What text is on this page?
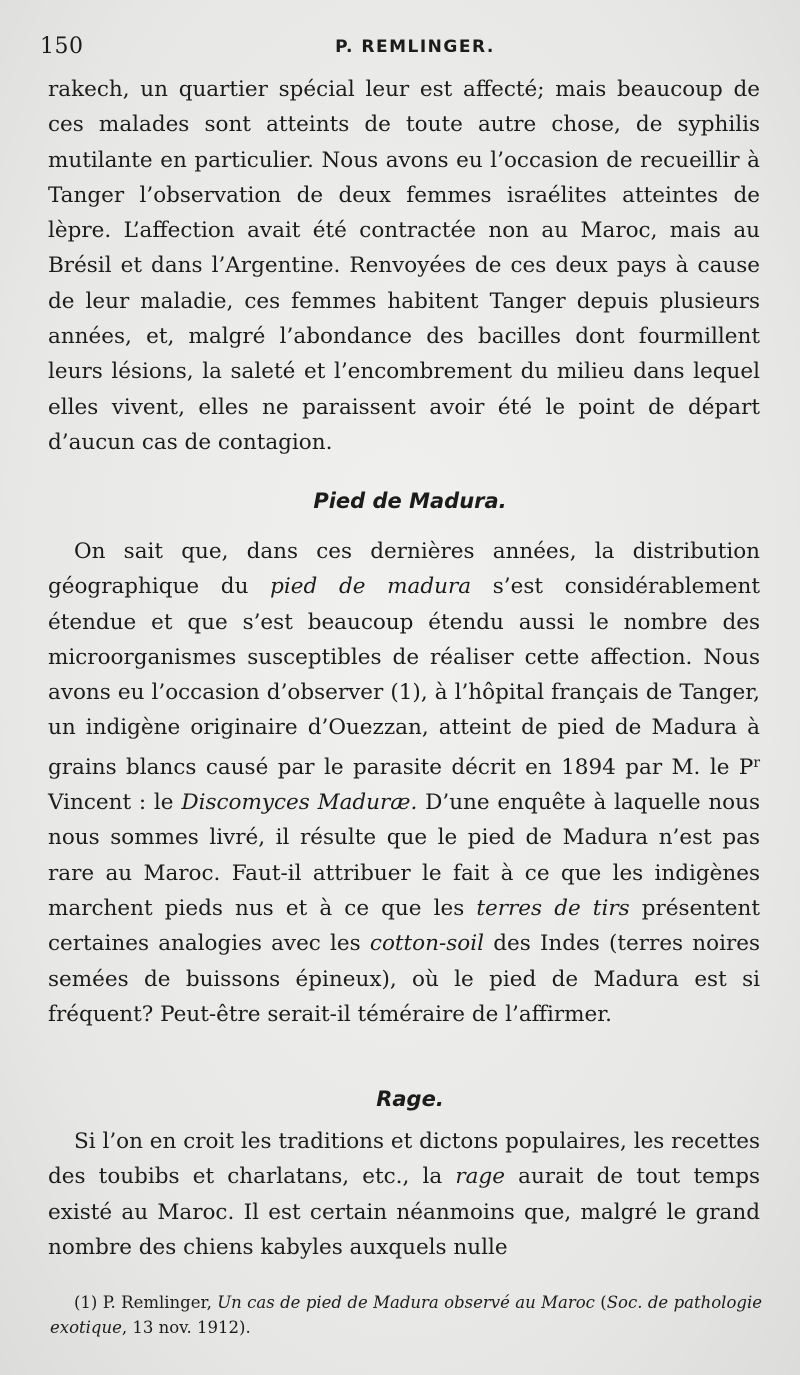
150	P. REMLINGER.

rakech, un quartier spécial leur est affecté; mais beaucoup de ces malades sont atteints de toute autre chose, de syphilis mutilante en particulier. Nous avons eu l’occasion de recueillir à Tanger l’observation de deux femmes israélites atteintes de lèpre. L’affection avait été contractée non au Maroc, mais au Brésil et dans l’Argentine. Renvoyées de ces deux pays à cause de leur maladie, ces femmes habitent Tanger depuis plusieurs années, et, malgré l’abondance des bacilles dont fourmillent leurs lésions, la saleté et l’encombrement du milieu dans lequel elles vivent, elles ne paraissent avoir été le point de départ d’aucun cas de contagion.

Pied de Madura.

On sait que, dans ces dernières années, la distribution géographique du pied de madura s’est considérablement étendue et que s’est beaucoup étendu aussi le nombre des microorganismes susceptibles de réaliser cette affection. Nous avons eu l’occasion d’observer (1), à l’hôpital français de Tanger, un indigène originaire d’Ouezzan, atteint de pied de Madura à grains blancs causé par le parasite décrit en 1894 par M. le $P^r$ Vincent : le Discomyces Maduræ. D’une enquête à laquelle nous nous sommes livré, il résulte que le pied de Madura n’est pas rare au Maroc. Faut-il attribuer le fait à ce que les indigènes marchent pieds nus et à ce que les terres de tirs présentent certaines analogies avec les cotton-soil des Indes (terres noires semées de buissons épineux), où le pied de Madura est si fréquent? Peut-être serait-il téméraire de l’affirmer.

Rage.

Si l’on en croit les traditions et dictons populaires, les recettes des toubibs et charlatans, etc., la rage aurait de tout temps existé au Maroc. Il est certain néanmoins que, malgré le grand nombre des chiens kabyles auxquels nulle

(1) P. Remlinger, Un cas de pied de Madura observé au Maroc (Soc. de pathologie exotique, 13 nov. 1912).
